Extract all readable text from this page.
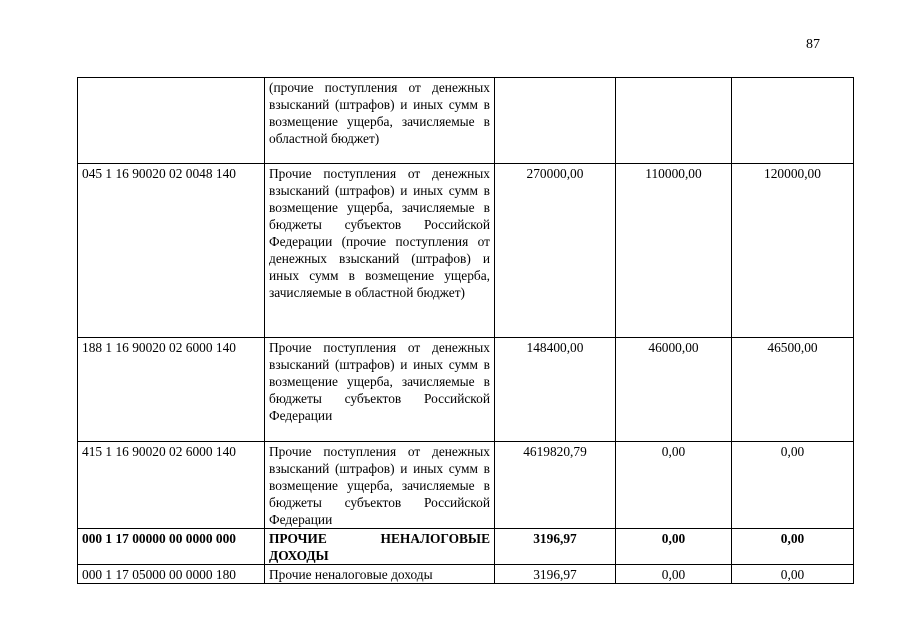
87
	(прочие поступления от денежных взысканий (штрафов) и иных сумм в возмещение ущерба, зачисляемые в областной бюджет)			
045 1 16 90020 02 0048 140	Прочие поступления от денежных взысканий (штрафов) и иных сумм в возмещение ущерба, зачисляемые в бюджеты субъектов Российской Федерации (прочие поступления от денежных взысканий (штрафов) и иных сумм в возмещение ущерба, зачисляемые в областной бюджет)	270000,00	110000,00	120000,00
188 1 16 90020 02 6000 140	Прочие поступления от денежных взысканий (штрафов) и иных сумм в возмещение ущерба, зачисляемые в бюджеты субъектов Российской Федерации	148400,00	46000,00	46500,00
415 1 16 90020 02 6000 140	Прочие поступления от денежных взысканий (штрафов) и иных сумм в возмещение ущерба, зачисляемые в бюджеты субъектов Российской Федерации	4619820,79	0,00	0,00
000 1 17 00000 00 0000 000	ПРОЧИЕ НЕНАЛОГОВЫЕ ДОХОДЫ	3196,97	0,00	0,00
000 1 17 05000 00 0000 180	Прочие неналоговые доходы	3196,97	0,00	0,00
